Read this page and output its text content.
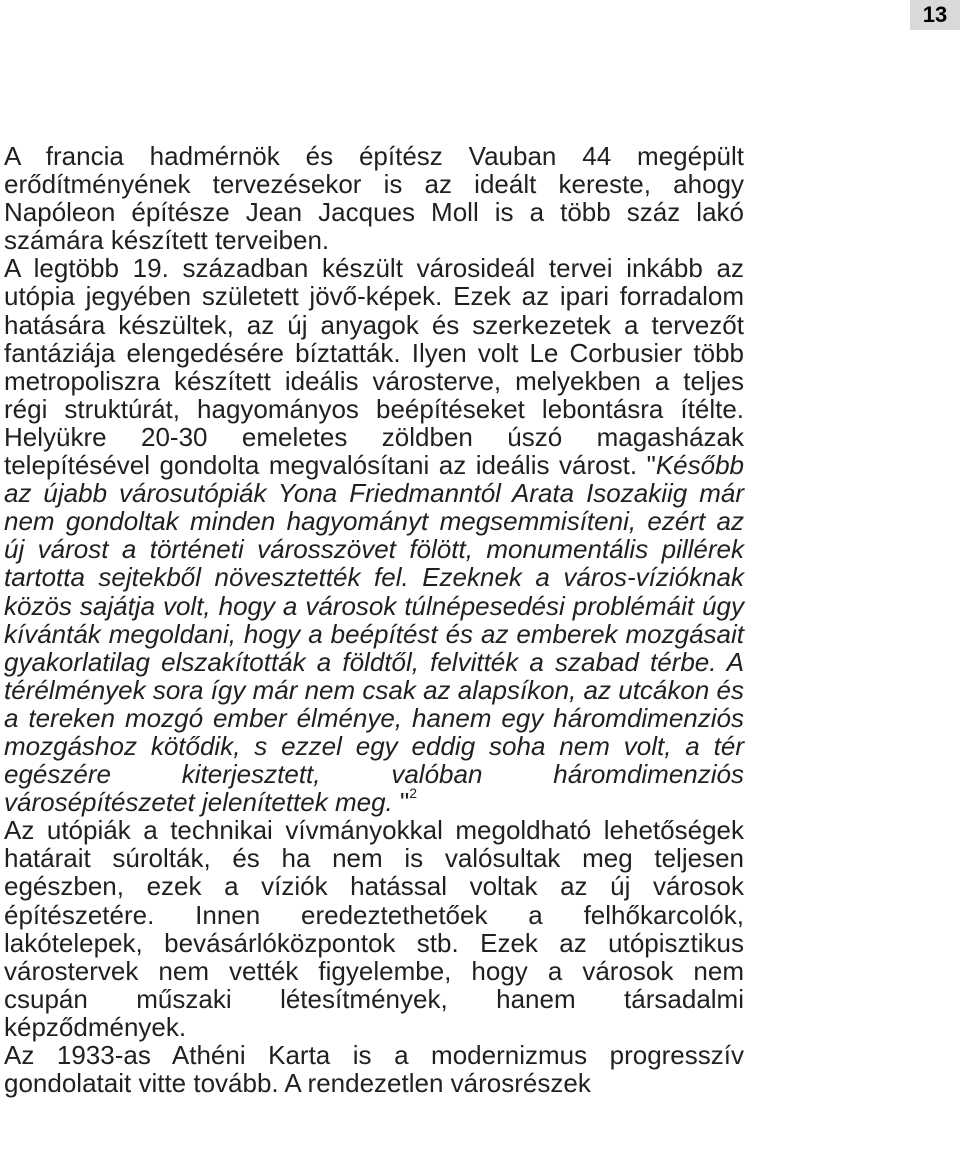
13

A francia hadmérnök és építész Vauban 44 megépült erődítményének tervezésekor is az ideált kereste, ahogy Napóleon építésze Jean Jacques Moll is a több száz lakó számára készített terveiben.

A legtöbb 19. században készült városideál tervei inkább az utópia jegyében született jövő-képek. Ezek az ipari forradalom hatására készültek, az új anyagok és szerkezetek a tervezőt fantáziája elengedésére bíztatták. Ilyen volt Le Corbusier több metropoliszra készített ideális városterve, melyekben a teljes régi struktúrát, hagyományos beépítéseket lebontásra ítélte. Helyükre 20-30 emeletes zöldben úszó magasházak telepítésével gondolta megvalósítani az ideális várost. "Később az újabb városutópiák Yona Friedmanntól Arata Isozakiig már nem gondoltak minden hagyományt megsemmisíteni, ezért az új várost a történeti városszövet fölött, monumentális pillérek tartotta sejtekből növesztették fel. Ezeknek a város-vízióknak közös sajátja volt, hogy a városok túlnépesedési problémáit úgy kívánták megoldani, hogy a beépítést és az emberek mozgásait gyakorlatilag elszakították a földtől, felvitték a szabad térbe. A térélmények sora így már nem csak az alapsíkon, az utcákon és a tereken mozgó ember élménye, hanem egy háromdimenziós mozgáshoz kötődik, s ezzel egy eddig soha nem volt, a tér egészére kiterjesztett, valóban háromdimenziós városépítészetet jelenítettek meg. "$^2$

Az utópiák a technikai vívmányokkal megoldható lehetőségek határait súrolták, és ha nem is valósultak meg teljesen egészben, ezek a víziók hatással voltak az új városok építészetére. Innen eredeztethetőek a felhőkarcolók, lakótelepek, bevásárlóközpontok stb. Ezek az utópisztikus várostervek nem vették figyelembe, hogy a városok nem csupán műszaki létesítmények, hanem társadalmi képződmények.

Az 1933-as Athéni Karta is a modernizmus progresszív gondolatait vitte tovább. A rendezetlen városrészek
